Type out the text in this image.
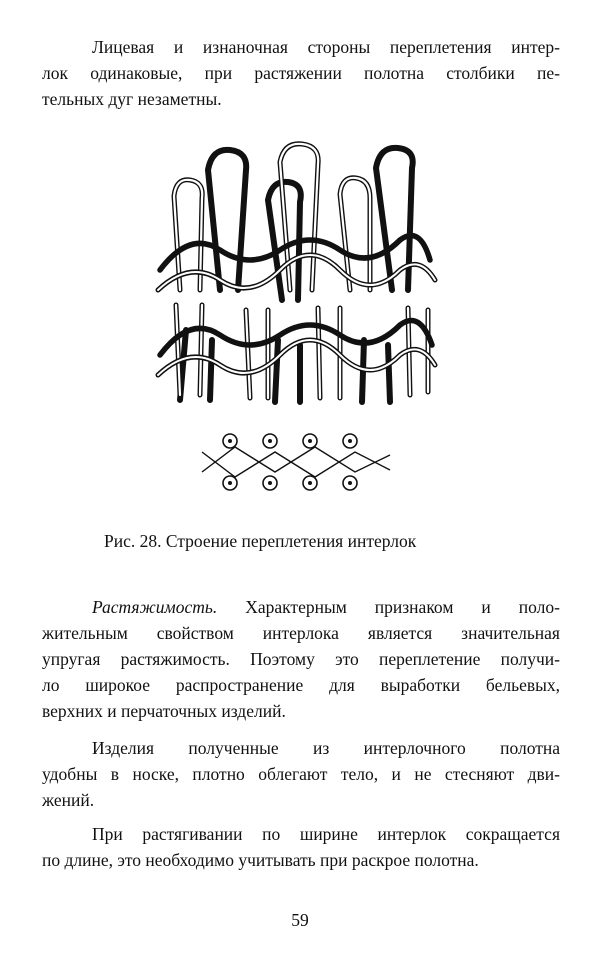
Лицевая и изнаночная стороны переплетения интер-
лок одинаковые, при растяжении полотна столбики пе-
тельных дуг незаметны.
Рис. 28. Строение переплетения интерлок
Растяжимость. Характерным признаком и поло-
жительным свойством интерлока является значительная
упругая растяжимость. Поэтому это переплетение получи-
ло широкое распространение для выработки бельевых,
верхних и перчаточных изделий.
Изделия полученные из интерлочного полотна
удобны в носке, плотно облегают тело, и не стесняют дви-
жений.
При растягивании по ширине интерлок сокращается
по длине, это необходимо учитывать при раскрое полотна.
59
